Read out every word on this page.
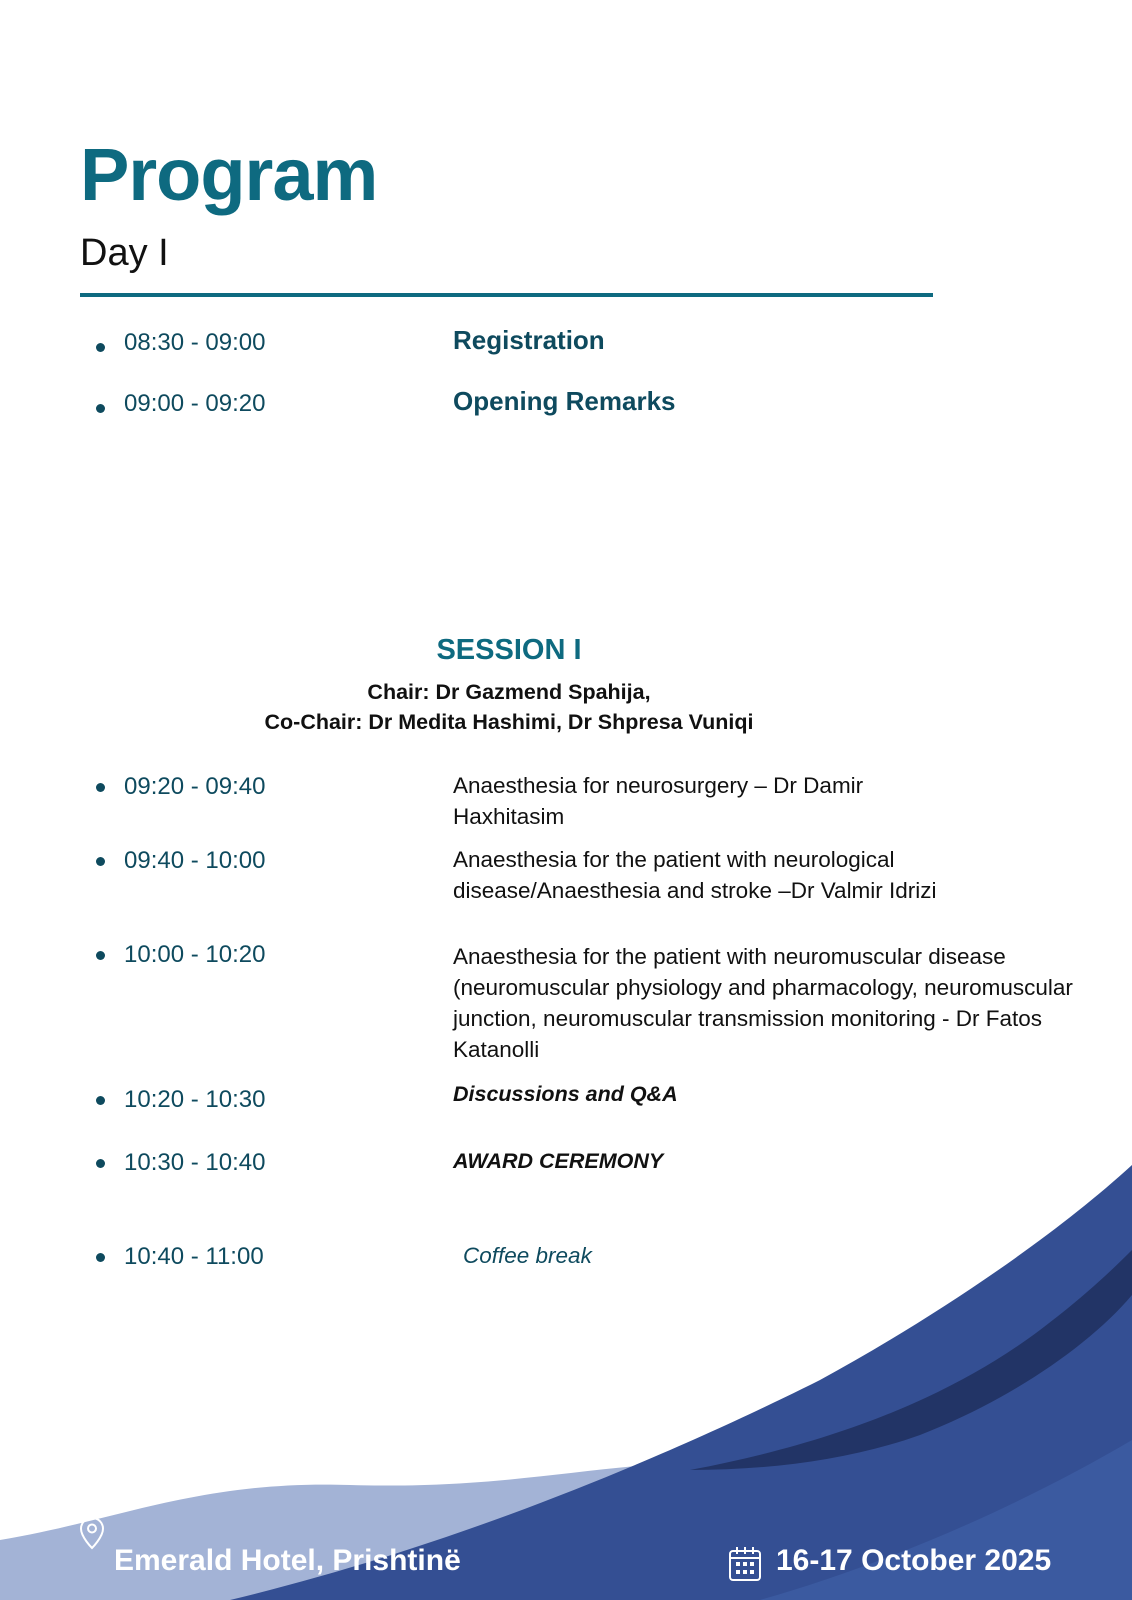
Program
Day I
08:30 - 09:00	Registration
09:00 - 09:20	Opening Remarks
SESSION I
Chair: Dr Gazmend Spahija,
Co-Chair: Dr Medita Hashimi, Dr Shpresa Vuniqi
09:20 - 09:40	Anaesthesia for neurosurgery – Dr Damir Haxhitasim
09:40 - 10:00	Anaesthesia for the patient with neurological disease/Anaesthesia and stroke –Dr Valmir Idrizi
10:00 - 10:20	Anaesthesia for the patient with neuromuscular disease (neuromuscular physiology and pharmacology, neuromuscular junction, neuromuscular transmission monitoring - Dr Fatos Katanolli
10:20 - 10:30	Discussions and Q&A
10:30 - 10:40	AWARD CEREMONY
10:40 - 11:00	Coffee break
Emerald Hotel, Prishtinë	16-17 October 2025
